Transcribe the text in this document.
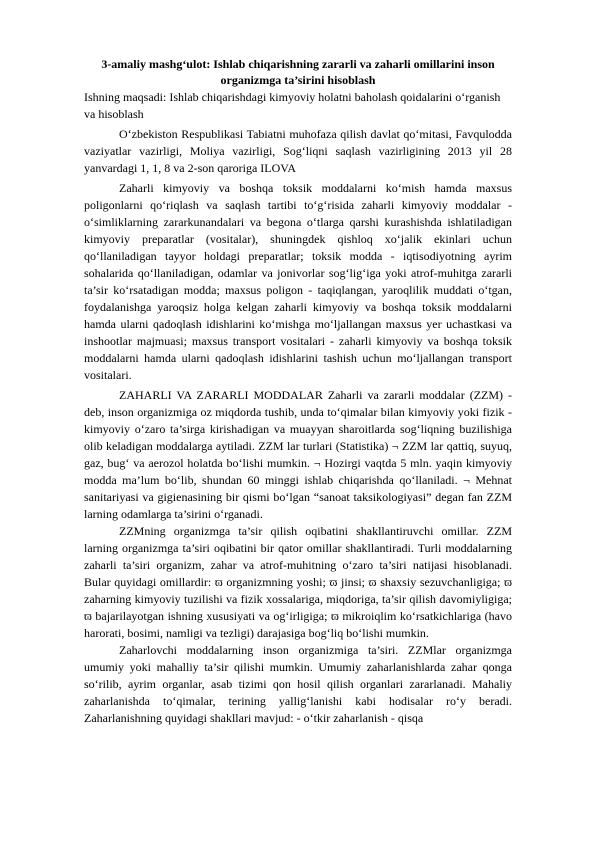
3-amaliy mashg‘ulot: Ishlab chiqarishning zararli va zaharli omillarini inson organizmga ta’sirini hisoblash

Ishning maqsadi: Ishlab chiqarishdagi kimyoviy holatni baholash qoidalarini o‘rganish va hisoblash

O‘zbekiston Respublikasi Tabiatni muhofaza qilish davlat qo‘mitasi, Favqulodda vaziyatlar vazirligi, Moliya vazirligi, Sog‘liqni saqlash vazirligining 2013 yil 28 yanvardagi 1, 1, 8 va 2-son qaroriga ILOVA

Zaharli kimyoviy va boshqa toksik moddalarni ko‘mish hamda maxsus poligonlarni qo‘riqlash va saqlash tartibi to‘g‘risida zaharli kimyoviy moddalar - o‘simliklarning zararkunandalari va begona o‘tlarga qarshi kurashishda ishlatiladigan kimyoviy preparatlar (vositalar), shuningdek qishloq xo‘jalik ekinlari uchun qo‘llaniladigan tayyor holdagi preparatlar; toksik modda - iqtisodiyotning ayrim sohalarida qo‘llaniladigan, odamlar va jonivorlar sog‘lig‘iga yoki atrof-muhitga zararli ta’sir ko‘rsatadigan modda; maxsus poligon - taqiqlangan, yaroqlilik muddati o‘tgan, foydalanishga yaroqsiz holga kelgan zaharli kimyoviy va boshqa toksik moddalarni hamda ularni qadoqlash idishlarini ko‘mishga mo‘ljallangan maxsus yer uchastkasi va inshootlar majmuasi; maxsus transport vositalari - zaharli kimyoviy va boshqa toksik moddalarni hamda ularni qadoqlash idishlarini tashish uchun mo‘ljallangan transport vositalari.

ZAHARLI VA ZARARLI MODDALAR Zaharli va zararli moddalar (ZZM) - deb, inson organizmiga oz miqdorda tushib, unda to‘qimalar bilan kimyoviy yoki fizik - kimyoviy o‘zaro ta’sirga kirishadigan va muayyan sharoitlarda sog‘liqning buzilishiga olib keladigan moddalarga aytiladi. ZZM lar turlari (Statistika) ¬ ZZM lar qattiq, suyuq, gaz, bug‘ va aerozol holatda bo‘lishi mumkin. ¬ Hozirgi vaqtda 5 mln. yaqin kimyoviy modda ma’lum bo‘lib, shundan 60 minggi ishlab chiqarishda qo‘llaniladi. ¬ Mehnat sanitariyasi va gigienasining bir qismi bo‘lgan “sanoat taksikologiyasi” degan fan ZZM larning odamlarga ta’sirini o‘rganadi.

ZZMning organizmga ta’sir qilish oqibatini shakllantiruvchi omillar. ZZM larning organizmga ta’siri oqibatini bir qator omillar shakllantiradi. Turli moddalarning zaharli ta’siri organizm, zahar va atrof-muhitning o‘zaro ta’siri natijasi hisoblanadi. Bular quyidagi omillardir: ϖ organizmning yoshi; ϖ jinsi; ϖ shaxsiy sezuvchanligiga; ϖ zaharning kimyoviy tuzilishi va fizik xossalariga, miqdoriga, ta’sir qilish davomiyligiga; ϖ bajarilayotgan ishning xususiyati va og‘irligiga; ϖ mikroiqlim ko‘rsatkichlariga (havo harorati, bosimi, namligi va tezligi) darajasiga bog‘liq bo‘lishi mumkin.

Zaharlovchi moddalarning inson organizmiga ta’siri. ZZMlar organizmga umumiy yoki mahalliy ta’sir qilishi mumkin. Umumiy zaharlanishlarda zahar qonga so‘rilib, ayrim organlar, asab tizimi qon hosil qilish organlari zararlanadi. Mahaliy zaharlanishda to‘qimalar, terining yallig‘lanishi kabi hodisalar ro‘y beradi. Zaharlanishning quyidagi shakllari mavjud: - o‘tkir zaharlanish - qisqa
